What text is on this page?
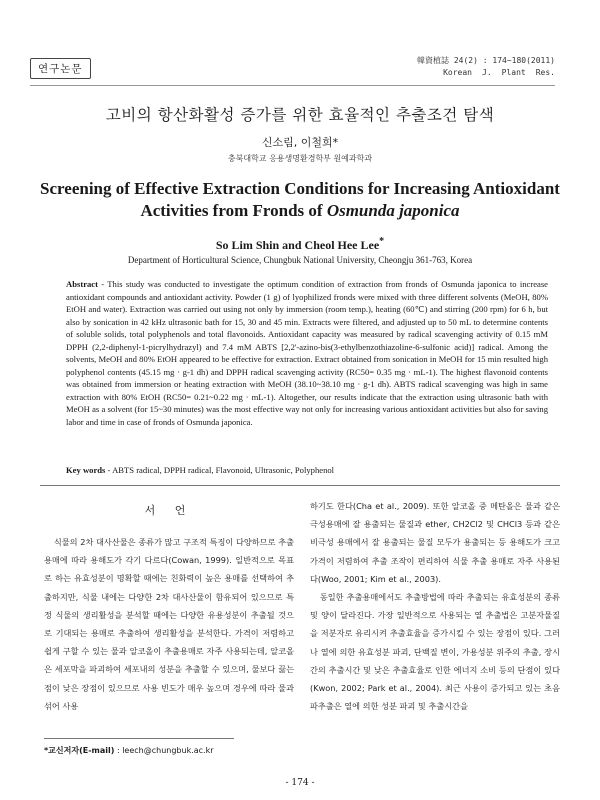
연구논문
韓資植誌 24(2) : 174~180(2011)
Korean J. Plant Res.
고비의 항산화활성 증가를 위한 효율적인 추출조건 탐색
신소림, 이철희*
충북대학교 응용생명환경학부 원예과학과
Screening of Effective Extraction Conditions for Increasing Antioxidant
Activities from Fronds of Osmunda japonica
So Lim Shin and Cheol Hee Lee*
Department of Horticultural Science, Chungbuk National University, Cheongju 361-763, Korea
Abstract - This study was conducted to investigate the optimum condition of extraction from fronds of Osmunda japonica to increase antioxidant compounds and antioxidant activity. Powder (1 g) of lyophilized fronds were mixed with three different solvents (MeOH, 80% EtOH and water). Extraction was carried out using not only by immersion (room temp.), heating (60℃) and stirring (200 rpm) for 6 h, but also by sonication in 42 kHz ultrasonic bath for 15, 30 and 45 min. Extracts were filtered, and adjusted up to 50 mL to determine contents of soluble solids, total polyphenols and total flavonoids. Antioxidant capacity was measured by radical scavenging activity of 0.15 mM DPPH (2,2-diphenyl-1-picrylhydrazyl) and 7.4 mM ABTS [2,2'-azino-bis(3-ethylbenzothiazoline-6-sulfonic acid)] radical. Among the solvents, MeOH and 80% EtOH appeared to be effective for extraction. Extract obtained from sonication in MeOH for 15 min resulted high polyphenol contents (45.15 mg · g-1 dh) and DPPH radical scavenging activity (RC50= 0.35 mg · mL-1). The highest flavonoid contents was obtained from immersion or heating extraction with MeOH (38.10~38.10 mg · g-1 dh). ABTS radical scavenging was high in same extraction with 80% EtOH (RC50= 0.21~0.22 mg · mL-1). Altogether, our results indicate that the extraction using ultrasonic bath with MeOH as a solvent (for 15~30 minutes) was the most effective way not only for increasing various antioxidant activities but also for saving labor and time in case of fronds of Osmunda japonica.
Key words - ABTS radical, DPPH radical, Flavonoid, Ultrasonic, Polyphenol
서 언

식물의 2차 대사산물은 종류가 많고 구조적 특징이 다양하므로 추출용매에 따라 용해도가 각기 다르다(Cowan, 1999). 일반적으로 목표로 하는 유효성분이 명확할 때에는 친화력이 높은 용매를 선택하여 추출하지만, 식물 내에는 다양한 2차 대사산물이 함유되어 있으므로 특정 식물의 생리활성을 분석할 때에는 다양한 유용성분이 추출될 것으로 기대되는 용매로 추출하여 생리활성을 분석한다. 가격이 저렴하고 쉽게 구할 수 있는 물과 알코올이 추출용매로 자주 사용되는데, 알코올은 세포막을 파괴하여 세포내의 성분을 추출할 수 있으며, 물보다 끓는점이 낮은 장점이 있으므로 사용 빈도가 매우 높으며 경우에 따라 물과 섞어 사용

하기도 한다(Cha et al., 2009). 또한 알코올 중 메탄올은 물과 같은 극성용매에 잘 용출되는 물질과 ether, CH2Cl2 및 CHCl3 등과 같은 비극성 용매에서 잘 용출되는 물질 모두가 용출되는 등 용해도가 크고 가격이 저렴하여 추출 조작이 편리하여 식물 추출 용매로 자주 사용된다(Woo, 2001; Kim et al., 2003).

동일한 추출용매에서도 추출방법에 따라 추출되는 유효성분의 종류 및 양이 달라진다. 가장 일반적으로 사용되는 열 추출법은 고분자물질을 저분자로 유리시켜 추출효율을 증가시킬 수 있는 장점이 있다. 그러나 열에 의한 유효성분 파괴, 단백질 변이, 가용성분 위주의 추출, 장시간의 추출시간 및 낮은 추출효율로 인한 에너지 소비 등의 단점이 있다(Kwon, 2002; Park et al., 2004). 최근 사용이 증가되고 있는 초음파추출은 열에 의한 성분 파괴 및 추출시간을

*교신저자(E-mail) : leech@chungbuk.ac.kr
- 174 -
